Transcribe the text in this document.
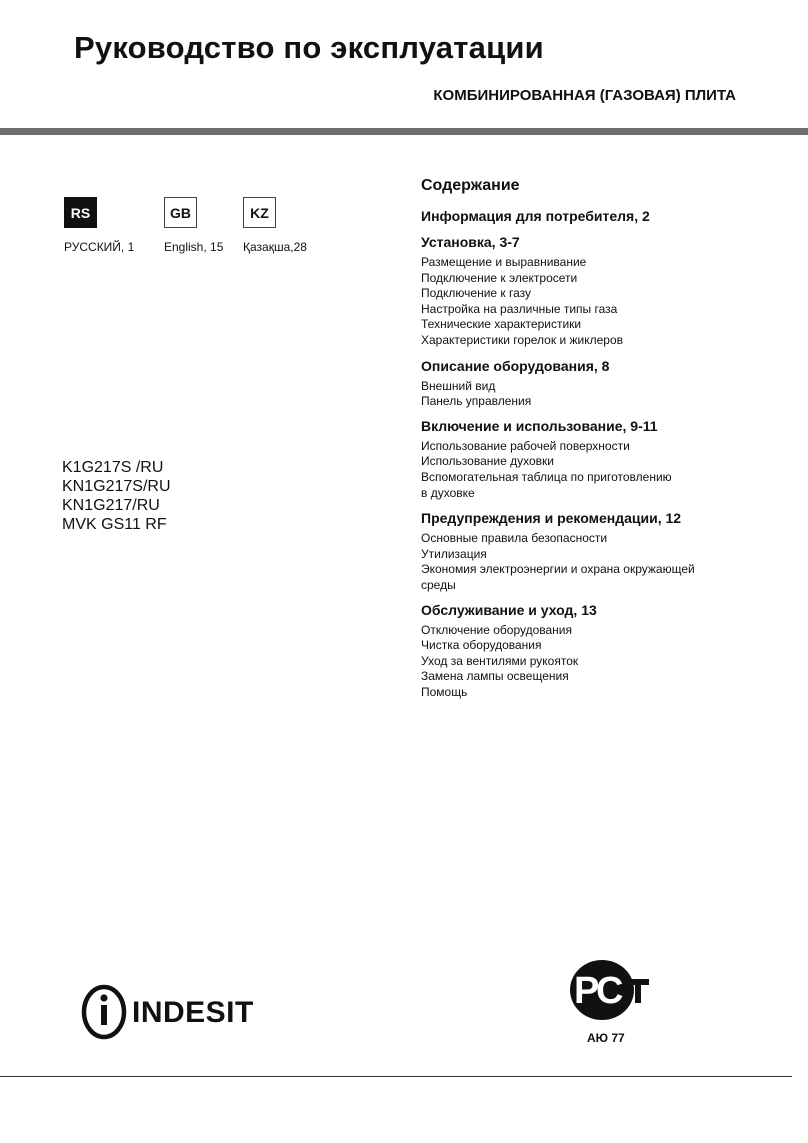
Руководство по эксплуатации
КОМБИНИРОВАННАЯ (ГАЗОВАЯ) ПЛИТА
RS	GB	KZ
РУССКИЙ, 1 English, 15 Қазақша,28
K1G217S /RU
KN1G217S/RU
KN1G217/RU
MVK GS11 RF
Содержание
Информация для потребителя, 2
Установка, 3-7
Размещение и выравнивание
Подключение к электросети
Подключение к газу
Настройка на различные типы газа
Технические характеристики
Характеристики горелок и жиклеров
Описание оборудования, 8
Внешний вид
Панель управления
Включение и использование, 9-11
Использование рабочей поверхности
Использование духовки
Вспомогательная таблица по приготовлению
в духовке
Предупреждения и рекомендации, 12
Основные правила безопасности
Утилизация
Экономия электроэнергии и охрана окружающей
среды
Обслуживание и уход, 13
Отключение оборудования
Чистка оборудования
Уход за вентилями рукояток
Замена лампы освещения
Помощь
INDESIT
P
C
АЮ 77
